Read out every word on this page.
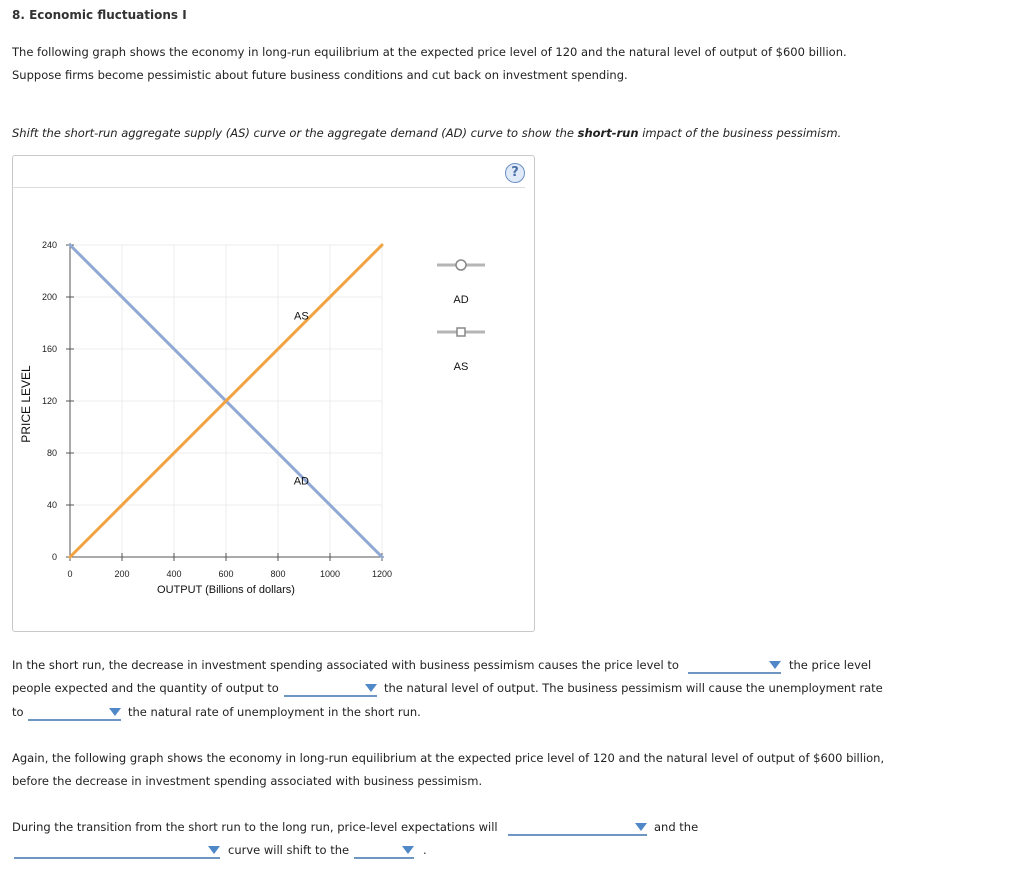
8. Economic fluctuations I
The following graph shows the economy in long-run equilibrium at the expected price level of 120 and the natural level of output of $600 billion.
Suppose firms become pessimistic about future business conditions and cut back on investment spending.
Shift the short-run aggregate supply (AS) curve or the aggregate demand (AD) curve to show the short-run impact of the business pessimism.
?
0	200	400	600	800	1000	1200
0
40
80
120
160
200
240
AD
AS
OUTPUT (Billions of dollars)
PRICE LEVEL
AD
AS
In the short run, the decrease in investment spending associated with business pessimism causes the price level to	the price level
people expected and the quantity of output to	the natural level of output. The business pessimism will cause the unemployment rate
to	the natural rate of unemployment in the short run.
Again, the following graph shows the economy in long-run equilibrium at the expected price level of 120 and the natural level of output of $600 billion,
before the decrease in investment spending associated with business pessimism.
During the transition from the short run to the long run, price-level expectations will	and the
curve will shift to the	.
